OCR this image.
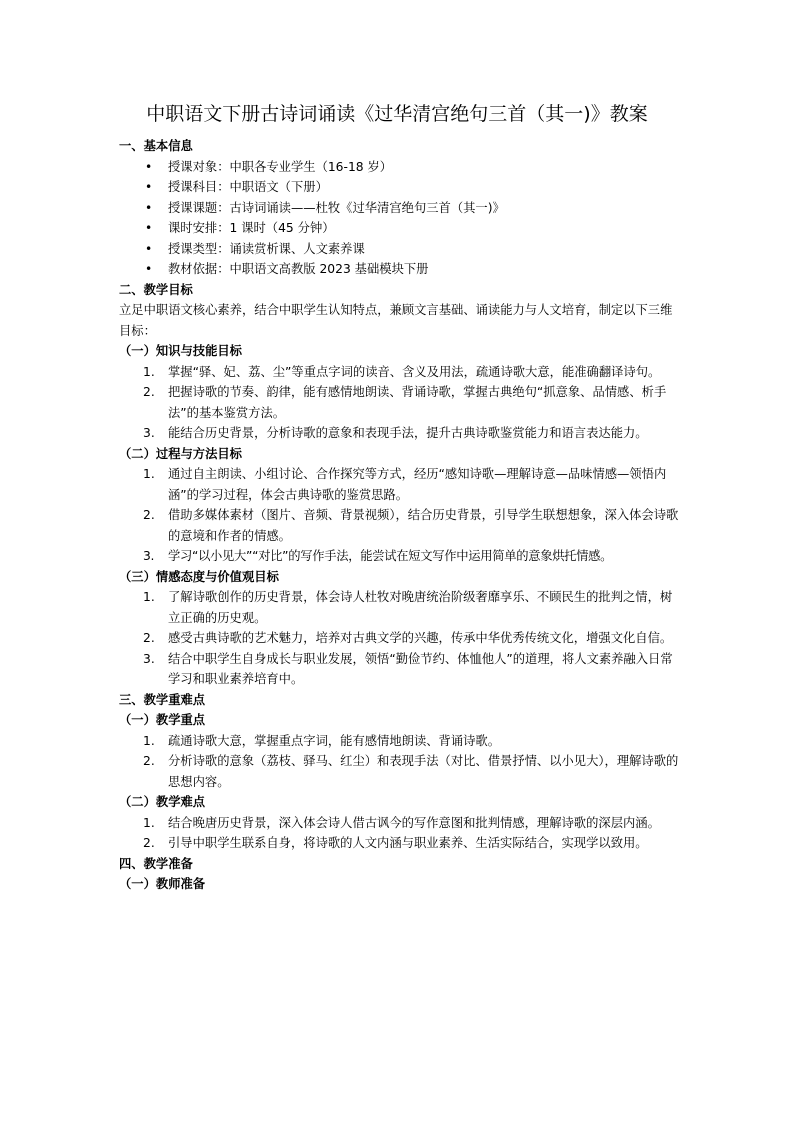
中职语文下册古诗词诵读《过华清宫绝句三首（其一)》教案
一、基本信息
• 授课对象：中职各专业学生（16-18 岁）
• 授课科目：中职语文（下册）
• 授课课题：古诗词诵读——杜牧《过华清宫绝句三首（其一)》
• 课时安排：1 课时（45 分钟）
• 授课类型：诵读赏析课、人文素养课
• 教材依据：中职语文高教版 2023 基础模块下册
二、教学目标
立足中职语文核心素养，结合中职学生认知特点，兼顾文言基础、诵读能力与人文培育，制定以下三维目标：
（一）知识与技能目标
1. 掌握“驿、妃、荔、尘”等重点字词的读音、含义及用法，疏通诗歌大意，能准确翻译诗句。
2. 把握诗歌的节奏、韵律，能有感情地朗读、背诵诗歌，掌握古典绝句“抓意象、品情感、析手法”的基本鉴赏方法。
3. 能结合历史背景，分析诗歌的意象和表现手法，提升古典诗歌鉴赏能力和语言表达能力。
（二）过程与方法目标
1. 通过自主朗读、小组讨论、合作探究等方式，经历“感知诗歌—理解诗意—品味情感—领悟内涵”的学习过程，体会古典诗歌的鉴赏思路。
2. 借助多媒体素材（图片、音频、背景视频），结合历史背景，引导学生联想想象，深入体会诗歌的意境和作者的情感。
3. 学习“以小见大”“对比”的写作手法，能尝试在短文写作中运用简单的意象烘托情感。
（三）情感态度与价值观目标
1. 了解诗歌创作的历史背景，体会诗人杜牧对晚唐统治阶级奢靡享乐、不顾民生的批判之情，树立正确的历史观。
2. 感受古典诗歌的艺术魅力，培养对古典文学的兴趣，传承中华优秀传统文化，增强文化自信。
3. 结合中职学生自身成长与职业发展，领悟“勤俭节约、体恤他人”的道理，将人文素养融入日常学习和职业素养培育中。
三、教学重难点
（一）教学重点
1. 疏通诗歌大意，掌握重点字词，能有感情地朗读、背诵诗歌。
2. 分析诗歌的意象（荔枝、驿马、红尘）和表现手法（对比、借景抒情、以小见大），理解诗歌的思想内容。
（二）教学难点
1. 结合晚唐历史背景，深入体会诗人借古讽今的写作意图和批判情感，理解诗歌的深层内涵。
2. 引导中职学生联系自身，将诗歌的人文内涵与职业素养、生活实际结合，实现学以致用。
四、教学准备
（一）教师准备
